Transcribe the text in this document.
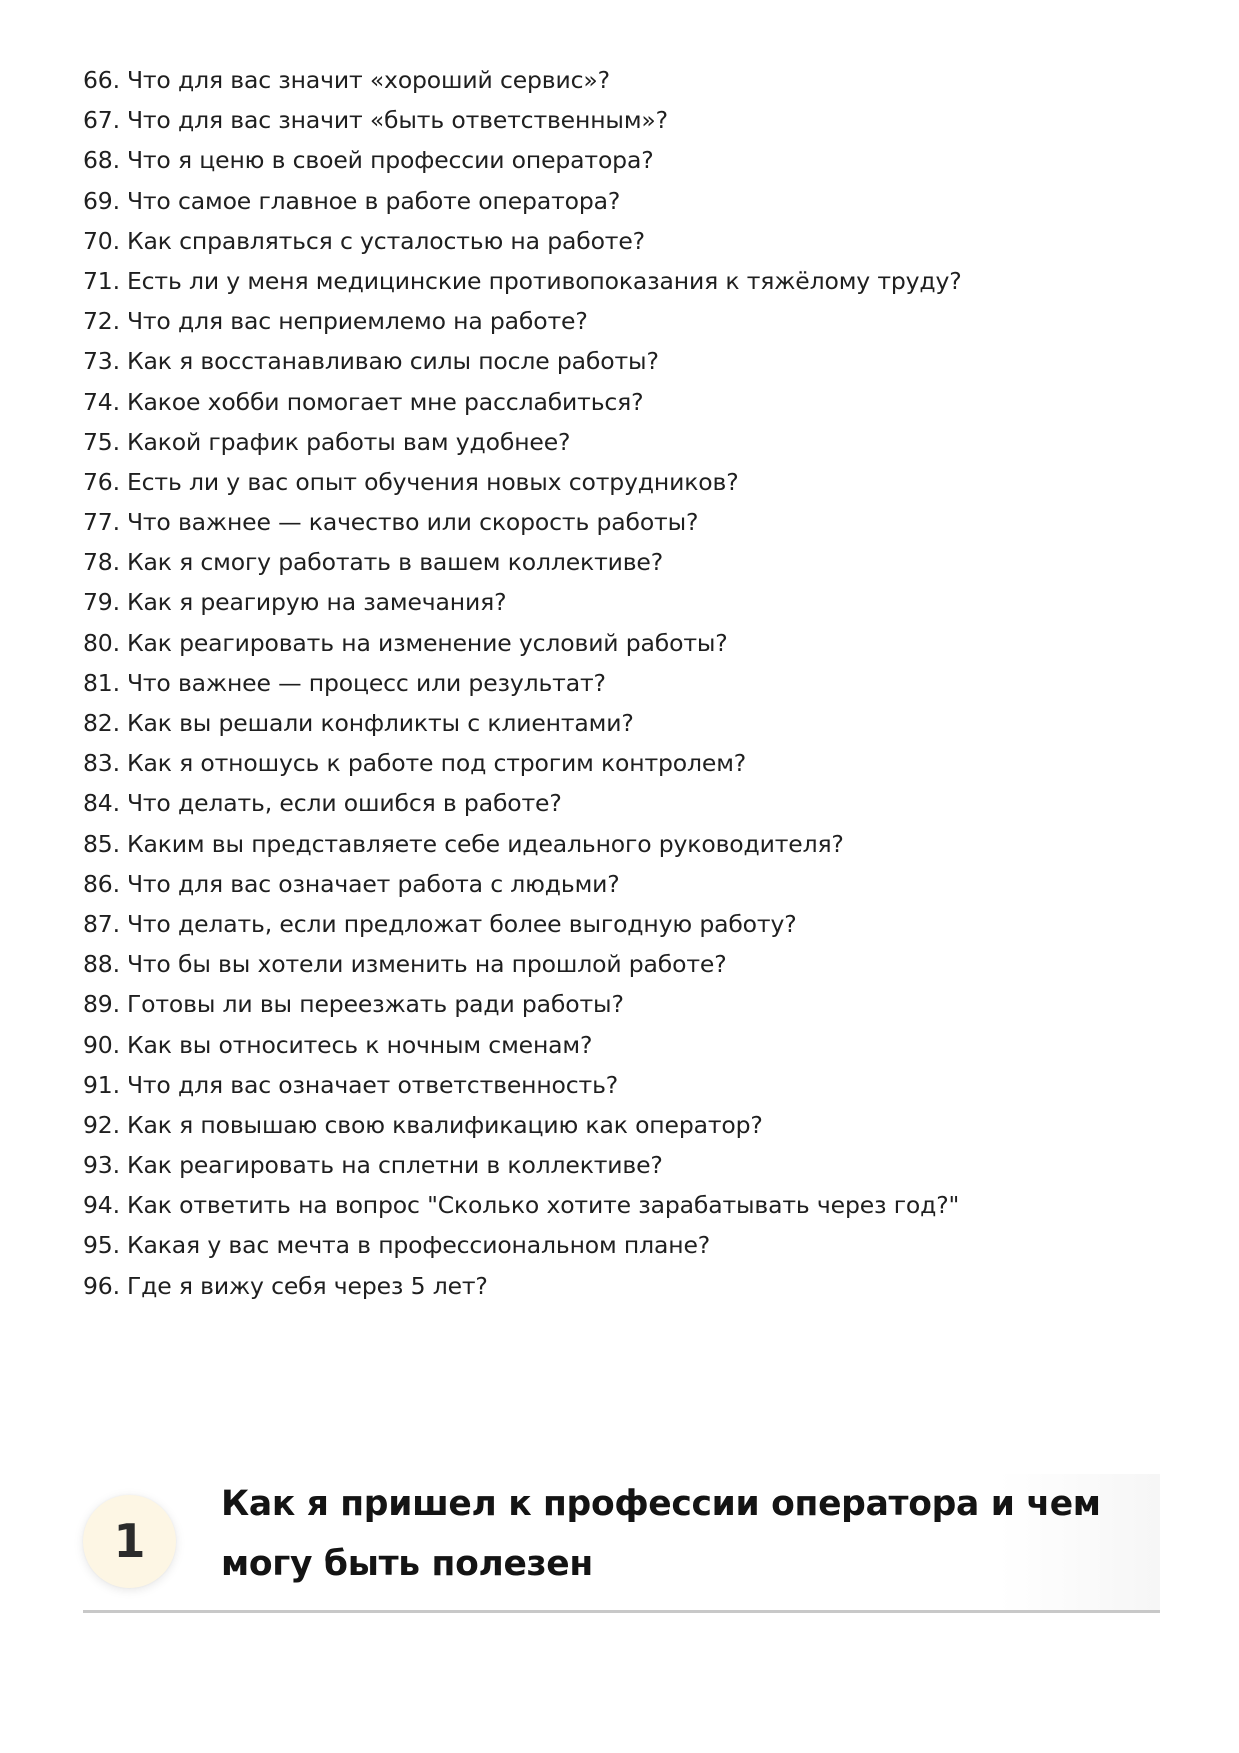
66. Что для вас значит «хороший сервис»?
67. Что для вас значит «быть ответственным»?
68. Что я ценю в своей профессии оператора?
69. Что самое главное в работе оператора?
70. Как справляться с усталостью на работе?
71. Есть ли у меня медицинские противопоказания к тяжёлому труду?
72. Что для вас неприемлемо на работе?
73. Как я восстанавливаю силы после работы?
74. Какое хобби помогает мне расслабиться?
75. Какой график работы вам удобнее?
76. Есть ли у вас опыт обучения новых сотрудников?
77. Что важнее — качество или скорость работы?
78. Как я смогу работать в вашем коллективе?
79. Как я реагирую на замечания?
80. Как реагировать на изменение условий работы?
81. Что важнее — процесс или результат?
82. Как вы решали конфликты с клиентами?
83. Как я отношусь к работе под строгим контролем?
84. Что делать, если ошибся в работе?
85. Каким вы представляете себе идеального руководителя?
86. Что для вас означает работа с людьми?
87. Что делать, если предложат более выгодную работу?
88. Что бы вы хотели изменить на прошлой работе?
89. Готовы ли вы переезжать ради работы?
90. Как вы относитесь к ночным сменам?
91. Что для вас означает ответственность?
92. Как я повышаю свою квалификацию как оператор?
93. Как реагировать на сплетни в коллективе?
94. Как ответить на вопрос "Сколько хотите зарабатывать через год?"
95. Какая у вас мечта в профессиональном плане?
96. Где я вижу себя через 5 лет?
1
Как я пришел к профессии оператора и чем могу быть полезен
